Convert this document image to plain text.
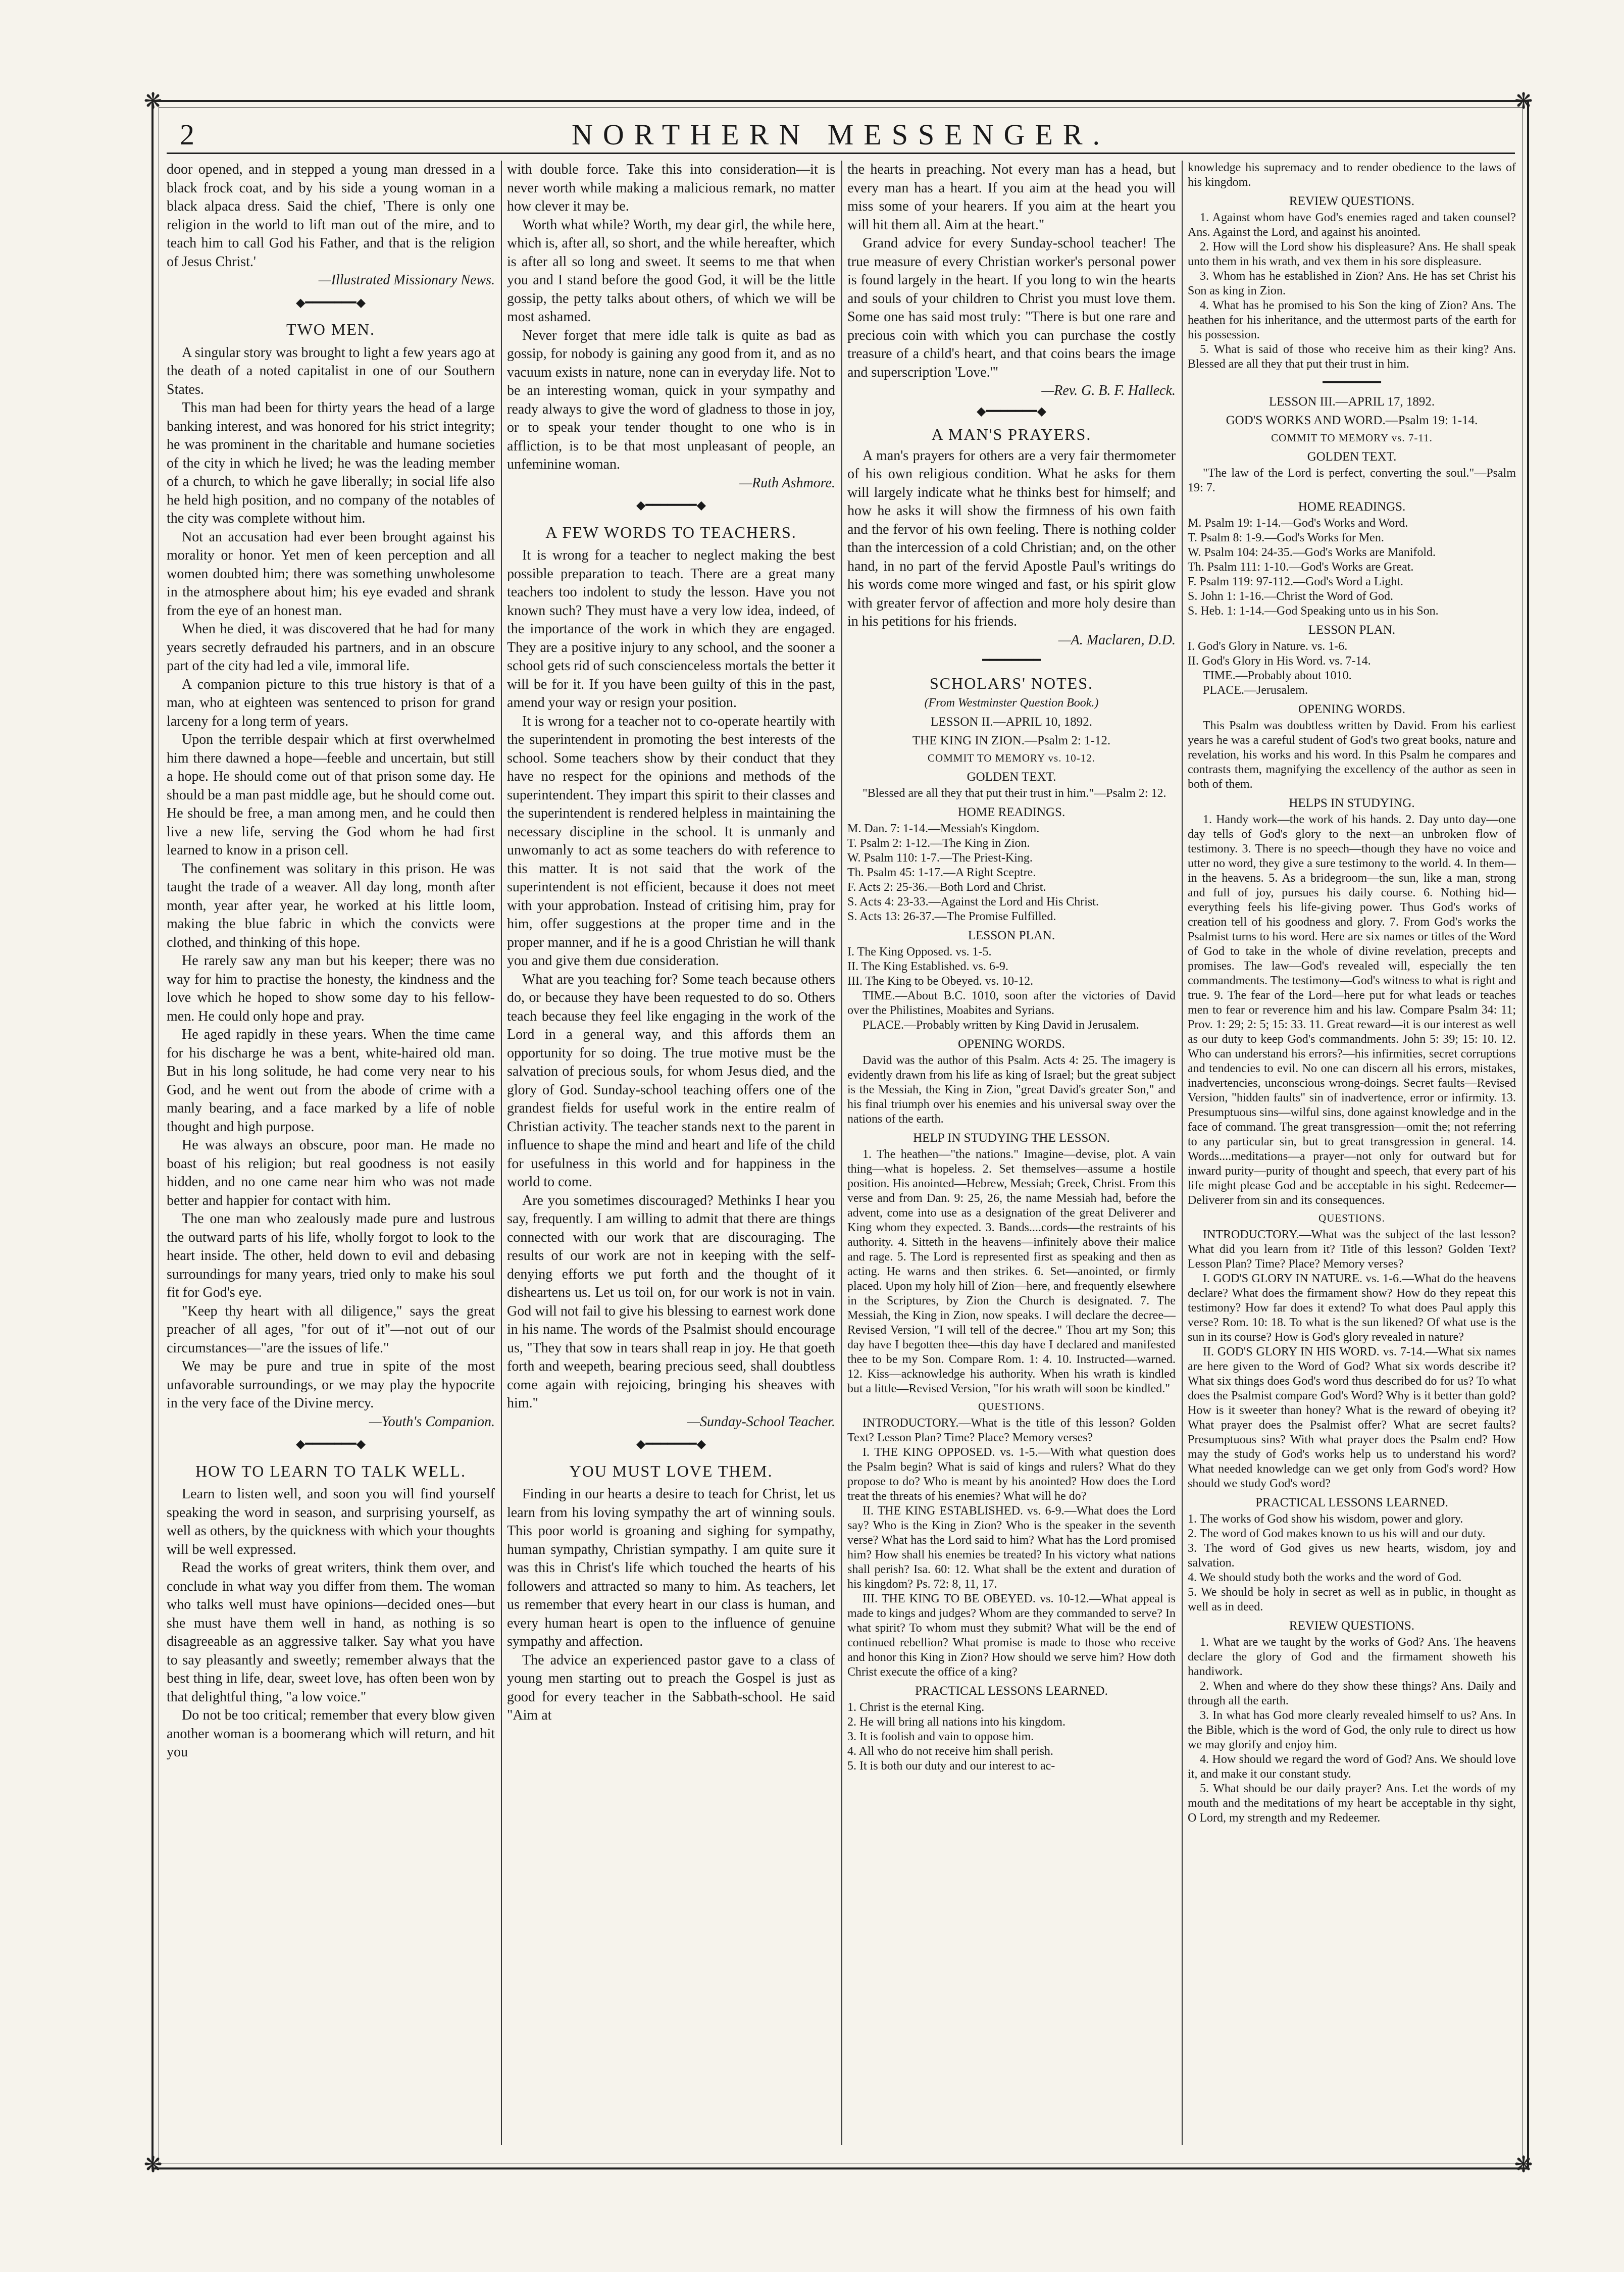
❋	❋
❋	❋
2	NORTHERN MESSENGER.

door opened, and in stepped a young man dressed in a black frock coat, and by his side a young woman in a black alpaca dress. Said the chief, 'There is only one religion in the world to lift man out of the mire, and to teach him to call God his Father, and that is the religion of Jesus Christ.'

—Illustrated Missionary News.

◆━━━━━━━◆
TWO MEN.

A singular story was brought to light a few years ago at the death of a noted capitalist in one of our Southern States.

This man had been for thirty years the head of a large banking interest, and was honored for his strict integrity; he was prominent in the charitable and humane societies of the city in which he lived; he was the leading member of a church, to which he gave liberally; in social life also he held high position, and no company of the notables of the city was complete without him.

Not an accusation had ever been brought against his morality or honor. Yet men of keen perception and all women doubted him; there was something unwholesome in the atmosphere about him; his eye evaded and shrank from the eye of an honest man.

When he died, it was discovered that he had for many years secretly defrauded his partners, and in an obscure part of the city had led a vile, immoral life.

A companion picture to this true history is that of a man, who at eighteen was sentenced to prison for grand larceny for a long term of years.

Upon the terrible despair which at first overwhelmed him there dawned a hope—feeble and uncertain, but still a hope. He should come out of that prison some day. He should be a man past middle age, but he should come out. He should be free, a man among men, and he could then live a new life, serving the God whom he had first learned to know in a prison cell.

The confinement was solitary in this prison. He was taught the trade of a weaver. All day long, month after month, year after year, he worked at his little loom, making the blue fabric in which the convicts were clothed, and thinking of this hope.

He rarely saw any man but his keeper; there was no way for him to practise the honesty, the kindness and the love which he hoped to show some day to his fellow-men. He could only hope and pray.

He aged rapidly in these years. When the time came for his discharge he was a bent, white-haired old man. But in his long solitude, he had come very near to his God, and he went out from the abode of crime with a manly bearing, and a face marked by a life of noble thought and high purpose.

He was always an obscure, poor man. He made no boast of his religion; but real goodness is not easily hidden, and no one came near him who was not made better and happier for contact with him.

The one man who zealously made pure and lustrous the outward parts of his life, wholly forgot to look to the heart inside. The other, held down to evil and debasing surroundings for many years, tried only to make his soul fit for God's eye.

"Keep thy heart with all diligence," says the great preacher of all ages, "for out of it"—not out of our circumstances—"are the issues of life."

We may be pure and true in spite of the most unfavorable surroundings, or we may play the hypocrite in the very face of the Divine mercy.

—Youth's Companion.

◆━━━━━━━◆
HOW TO LEARN TO TALK WELL.

Learn to listen well, and soon you will find yourself speaking the word in season, and surprising yourself, as well as others, by the quickness with which your thoughts will be well expressed.

Read the works of great writers, think them over, and conclude in what way you differ from them. The woman who talks well must have opinions—decided ones—but she must have them well in hand, as nothing is so disagreeable as an aggressive talker. Say what you have to say pleasantly and sweetly; remember always that the best thing in life, dear, sweet love, has often been won by that delightful thing, "a low voice."

Do not be too critical; remember that every blow given another woman is a boomerang which will return, and hit you

with double force. Take this into consideration—it is never worth while making a malicious remark, no matter how clever it may be.

Worth what while? Worth, my dear girl, the while here, which is, after all, so short, and the while hereafter, which is after all so long and sweet. It seems to me that when you and I stand before the good God, it will be the little gossip, the petty talks about others, of which we will be most ashamed.

Never forget that mere idle talk is quite as bad as gossip, for nobody is gaining any good from it, and as no vacuum exists in nature, none can in everyday life. Not to be an interesting woman, quick in your sympathy and ready always to give the word of gladness to those in joy, or to speak your tender thought to one who is in affliction, is to be that most unpleasant of people, an unfeminine woman.

—Ruth Ashmore.

◆━━━━━━━◆
A FEW WORDS TO TEACHERS.

It is wrong for a teacher to neglect making the best possible preparation to teach. There are a great many teachers too indolent to study the lesson. Have you not known such? They must have a very low idea, indeed, of the importance of the work in which they are engaged. They are a positive injury to any school, and the sooner a school gets rid of such conscienceless mortals the better it will be for it. If you have been guilty of this in the past, amend your way or resign your position.

It is wrong for a teacher not to co-operate heartily with the superintendent in promoting the best interests of the school. Some teachers show by their conduct that they have no respect for the opinions and methods of the superintendent. They impart this spirit to their classes and the superintendent is rendered helpless in maintaining the necessary discipline in the school. It is unmanly and unwomanly to act as some teachers do with reference to this matter. It is not said that the work of the superintendent is not efficient, because it does not meet with your approbation. Instead of critising him, pray for him, offer suggestions at the proper time and in the proper manner, and if he is a good Christian he will thank you and give them due consideration.

What are you teaching for? Some teach because others do, or because they have been requested to do so. Others teach because they feel like engaging in the work of the Lord in a general way, and this affords them an opportunity for so doing. The true motive must be the salvation of precious souls, for whom Jesus died, and the glory of God. Sunday-school teaching offers one of the grandest fields for useful work in the entire realm of Christian activity. The teacher stands next to the parent in influence to shape the mind and heart and life of the child for usefulness in this world and for happiness in the world to come.

Are you sometimes discouraged? Methinks I hear you say, frequently. I am willing to admit that there are things connected with our work that are discouraging. The results of our work are not in keeping with the self-denying efforts we put forth and the thought of it disheartens us. Let us toil on, for our work is not in vain. God will not fail to give his blessing to earnest work done in his name. The words of the Psalmist should encourage us, "They that sow in tears shall reap in joy. He that goeth forth and weepeth, bearing precious seed, shall doubtless come again with rejoicing, bringing his sheaves with him."

—Sunday-School Teacher.

◆━━━━━━━◆
YOU MUST LOVE THEM.

Finding in our hearts a desire to teach for Christ, let us learn from his loving sympathy the art of winning souls. This poor world is groaning and sighing for sympathy, human sympathy, Christian sympathy. I am quite sure it was this in Christ's life which touched the hearts of his followers and attracted so many to him. As teachers, let us remember that every heart in our class is human, and every human heart is open to the influence of genuine sympathy and affection.

The advice an experienced pastor gave to a class of young men starting out to preach the Gospel is just as good for every teacher in the Sabbath-school. He said "Aim at

the hearts in preaching. Not every man has a head, but every man has a heart. If you aim at the head you will miss some of your hearers. If you aim at the heart you will hit them all. Aim at the heart."

Grand advice for every Sunday-school teacher! The true measure of every Christian worker's personal power is found largely in the heart. If you long to win the hearts and souls of your children to Christ you must love them. Some one has said most truly: "There is but one rare and precious coin with which you can purchase the costly treasure of a child's heart, and that coins bears the image and superscription 'Love.'"

—Rev. G. B. F. Halleck.

◆━━━━━━━◆
A MAN'S PRAYERS.

A man's prayers for others are a very fair thermometer of his own religious condition. What he asks for them will largely indicate what he thinks best for himself; and how he asks it will show the firmness of his own faith and the fervor of his own feeling. There is nothing colder than the intercession of a cold Christian; and, on the other hand, in no part of the fervid Apostle Paul's writings do his words come more winged and fast, or his spirit glow with greater fervor of affection and more holy desire than in his petitions for his friends.

—A. Maclaren, D.D.

━━━━━━━━
SCHOLARS' NOTES.

(From Westminster Question Book.)

LESSON II.—APRIL 10, 1892.
THE KING IN ZION.—Psalm 2: 1-12.
COMMIT TO MEMORY vs. 10-12.
GOLDEN TEXT.

"Blessed are all they that put their trust in him."—Psalm 2: 12.

HOME READINGS.
M. Dan. 7: 1-14.—Messiah's Kingdom.
T. Psalm 2: 1-12.—The King in Zion.
W. Psalm 110: 1-7.—The Priest-King.
Th. Psalm 45: 1-17.—A Right Sceptre.
F. Acts 2: 25-36.—Both Lord and Christ.
S. Acts 4: 23-33.—Against the Lord and His Christ.
S. Acts 13: 26-37.—The Promise Fulfilled.
LESSON PLAN.
I. The King Opposed. vs. 1-5.
II. The King Established. vs. 6-9.
III. The King to be Obeyed. vs. 10-12.

TIME.—About B.C. 1010, soon after the victories of David over the Philistines, Moabites and Syrians.

PLACE.—Probably written by King David in Jerusalem.

OPENING WORDS.

David was the author of this Psalm. Acts 4: 25. The imagery is evidently drawn from his life as king of Israel; but the great subject is the Messiah, the King in Zion, "great David's greater Son," and his final triumph over his enemies and his universal sway over the nations of the earth.

HELP IN STUDYING THE LESSON.

1. The heathen—"the nations." Imagine—devise, plot. A vain thing—what is hopeless. 2. Set themselves—assume a hostile position. His anointed—Hebrew, Messiah; Greek, Christ. From this verse and from Dan. 9: 25, 26, the name Messiah had, before the advent, come into use as a designation of the great Deliverer and King whom they expected. 3. Bands....cords—the restraints of his authority. 4. Sitteth in the heavens—infinitely above their malice and rage. 5. The Lord is represented first as speaking and then as acting. He warns and then strikes. 6. Set—anointed, or firmly placed. Upon my holy hill of Zion—here, and frequently elsewhere in the Scriptures, by Zion the Church is designated. 7. The Messiah, the King in Zion, now speaks. I will declare the decree—Revised Version, "I will tell of the decree." Thou art my Son; this day have I begotten thee—this day have I declared and manifested thee to be my Son. Compare Rom. 1: 4. 10. Instructed—warned. 12. Kiss—acknowledge his authority. When his wrath is kindled but a little—Revised Version, "for his wrath will soon be kindled."

QUESTIONS.

INTRODUCTORY.—What is the title of this lesson? Golden Text? Lesson Plan? Time? Place? Memory verses?

I. THE KING OPPOSED. vs. 1-5.—With what question does the Psalm begin? What is said of kings and rulers? What do they propose to do? Who is meant by his anointed? How does the Lord treat the threats of his enemies? What will he do?

II. THE KING ESTABLISHED. vs. 6-9.—What does the Lord say? Who is the King in Zion? Who is the speaker in the seventh verse? What has the Lord said to him? What has the Lord promised him? How shall his enemies be treated? In his victory what nations shall perish? Isa. 60: 12. What shall be the extent and duration of his kingdom? Ps. 72: 8, 11, 17.

III. THE KING TO BE OBEYED. vs. 10-12.—What appeal is made to kings and judges? Whom are they commanded to serve? In what spirit? To whom must they submit? What will be the end of continued rebellion? What promise is made to those who receive and honor this King in Zion? How should we serve him? How doth Christ execute the office of a king?

PRACTICAL LESSONS LEARNED.
1. Christ is the eternal King.
2. He will bring all nations into his kingdom.
3. It is foolish and vain to oppose him.
4. All who do not receive him shall perish.
5. It is both our duty and our interest to ac-

knowledge his supremacy and to render obedience to the laws of his kingdom.

REVIEW QUESTIONS.

1. Against whom have God's enemies raged and taken counsel? Ans. Against the Lord, and against his anointed.

2. How will the Lord show his displeasure? Ans. He shall speak unto them in his wrath, and vex them in his sore displeasure.

3. Whom has he established in Zion? Ans. He has set Christ his Son as king in Zion.

4. What has he promised to his Son the king of Zion? Ans. The heathen for his inheritance, and the uttermost parts of the earth for his possession.

5. What is said of those who receive him as their king? Ans. Blessed are all they that put their trust in him.

━━━━━━━━
LESSON III.—APRIL 17, 1892.
GOD'S WORKS AND WORD.—Psalm 19: 1-14.
COMMIT TO MEMORY vs. 7-11.
GOLDEN TEXT.

"The law of the Lord is perfect, converting the soul."—Psalm 19: 7.

HOME READINGS.
M. Psalm 19: 1-14.—God's Works and Word.
T. Psalm 8: 1-9.—God's Works for Men.
W. Psalm 104: 24-35.—God's Works are Manifold.
Th. Psalm 111: 1-10.—God's Works are Great.
F. Psalm 119: 97-112.—God's Word a Light.
S. John 1: 1-16.—Christ the Word of God.
S. Heb. 1: 1-14.—God Speaking unto us in his Son.
LESSON PLAN.
I. God's Glory in Nature. vs. 1-6.
II. God's Glory in His Word. vs. 7-14.

TIME.—Probably about 1010.

PLACE.—Jerusalem.

OPENING WORDS.

This Psalm was doubtless written by David. From his earliest years he was a careful student of God's two great books, nature and revelation, his works and his word. In this Psalm he compares and contrasts them, magnifying the excellency of the author as seen in both of them.

HELPS IN STUDYING.

1. Handy work—the work of his hands. 2. Day unto day—one day tells of God's glory to the next—an unbroken flow of testimony. 3. There is no speech—though they have no voice and utter no word, they give a sure testimony to the world. 4. In them—in the heavens. 5. As a bridegroom—the sun, like a man, strong and full of joy, pursues his daily course. 6. Nothing hid—everything feels his life-giving power. Thus God's works of creation tell of his goodness and glory. 7. From God's works the Psalmist turns to his word. Here are six names or titles of the Word of God to take in the whole of divine revelation, precepts and promises. The law—God's revealed will, especially the ten commandments. The testimony—God's witness to what is right and true. 9. The fear of the Lord—here put for what leads or teaches men to fear or reverence him and his law. Compare Psalm 34: 11; Prov. 1: 29; 2: 5; 15: 33. 11. Great reward—it is our interest as well as our duty to keep God's commandments. John 5: 39; 15: 10. 12. Who can understand his errors?—his infirmities, secret corruptions and tendencies to evil. No one can discern all his errors, mistakes, inadvertencies, unconscious wrong-doings. Secret faults—Revised Version, "hidden faults" sin of inadvertence, error or infirmity. 13. Presumptuous sins—wilful sins, done against knowledge and in the face of command. The great transgression—omit the; not referring to any particular sin, but to great transgression in general. 14. Words....meditations—a prayer—not only for outward but for inward purity—purity of thought and speech, that every part of his life might please God and be acceptable in his sight. Redeemer—Deliverer from sin and its consequences.

QUESTIONS.

INTRODUCTORY.—What was the subject of the last lesson? What did you learn from it? Title of this lesson? Golden Text? Lesson Plan? Time? Place? Memory verses?

I. GOD'S GLORY IN NATURE. vs. 1-6.—What do the heavens declare? What does the firmament show? How do they repeat this testimony? How far does it extend? To what does Paul apply this verse? Rom. 10: 18. To what is the sun likened? Of what use is the sun in its course? How is God's glory revealed in nature?

II. GOD'S GLORY IN HIS WORD. vs. 7-14.—What six names are here given to the Word of God? What six words describe it? What six things does God's word thus described do for us? To what does the Psalmist compare God's Word? Why is it better than gold? How is it sweeter than honey? What is the reward of obeying it? What prayer does the Psalmist offer? What are secret faults? Presumptuous sins? With what prayer does the Psalm end? How may the study of God's works help us to understand his word? What needed knowledge can we get only from God's word? How should we study God's word?

PRACTICAL LESSONS LEARNED.
1. The works of God show his wisdom, power and glory.
2. The word of God makes known to us his will and our duty.
3. The word of God gives us new hearts, wisdom, joy and salvation.
4. We should study both the works and the word of God.
5. We should be holy in secret as well as in public, in thought as well as in deed.
REVIEW QUESTIONS.

1. What are we taught by the works of God? Ans. The heavens declare the glory of God and the firmament showeth his handiwork.

2. When and where do they show these things? Ans. Daily and through all the earth.

3. In what has God more clearly revealed himself to us? Ans. In the Bible, which is the word of God, the only rule to direct us how we may glorify and enjoy him.

4. How should we regard the word of God? Ans. We should love it, and make it our constant study.

5. What should be our daily prayer? Ans. Let the words of my mouth and the meditations of my heart be acceptable in thy sight, O Lord, my strength and my Redeemer.
